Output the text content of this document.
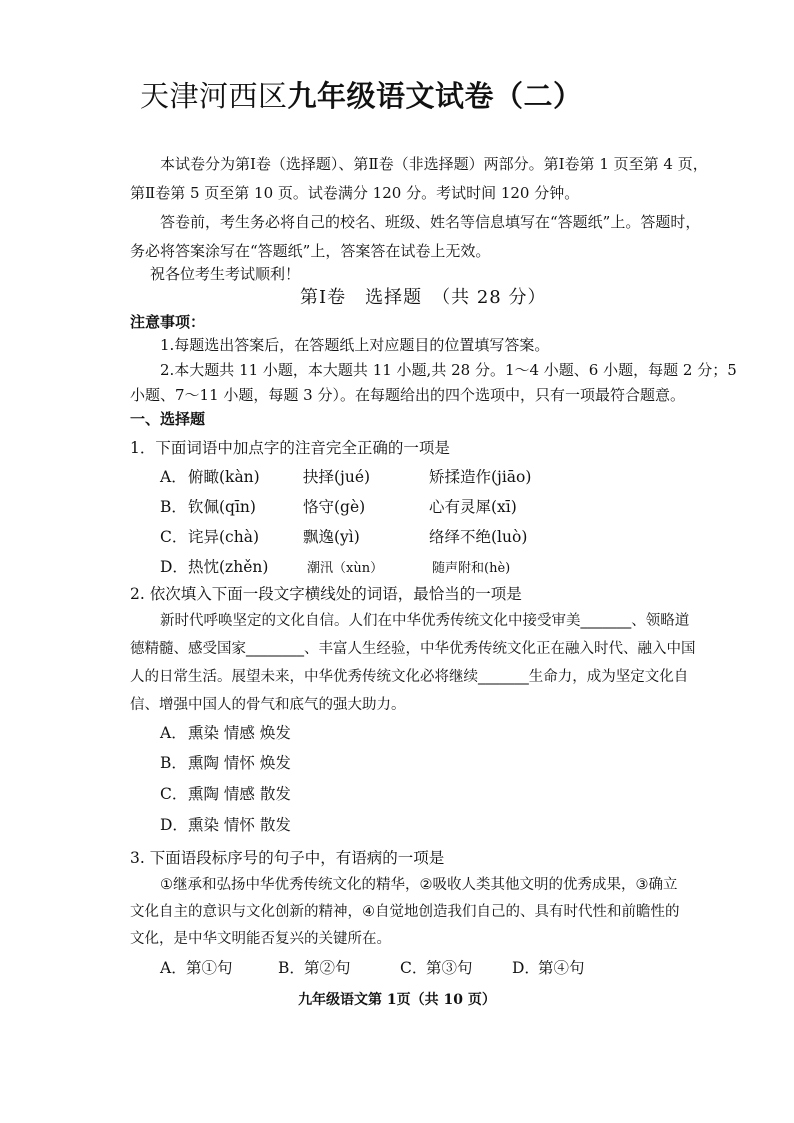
天津河西区九年级语文试卷（二）
本试卷分为第Ⅰ卷（选择题）、第Ⅱ卷（非选择题）两部分。第Ⅰ卷第 1 页至第 4 页，
第Ⅱ卷第 5 页至第 10 页。试卷满分 120 分。考试时间 120 分钟。
答卷前，考生务必将自己的校名、班级、姓名等信息填写在“答题纸”上。答题时，
务必将答案涂写在“答题纸”上，答案答在试卷上无效。
祝各位考生考试顺利！
第Ⅰ卷　选择题　（共 28 分）
注意事项：
1.每题选出答案后，在答题纸上对应题目的位置填写答案。
2.本大题共 11 小题，本大题共 11 小题,共 28 分。1～4 小题、6 小题，每题 2 分；5
小题、7～11 小题，每题 3 分）。在每题给出的四个选项中，只有一项最符合题意。
一、选择题
1．下面词语中加点字的注音完全正确的一项是
A． 俯瞰(kàn)	抉择(jué)	矫揉造作(jiāo)
B． 钦佩(qīn)	恪守(gè)	心有灵犀(xī)
C． 诧异(chà)	飘逸(yì)	络绎不绝(luò)
D． 热忱(zhěn)	潮汛（xùn）	随声附和(hè)
2. 依次填入下面一段文字横线处的词语，最恰当的一项是
新时代呼唤坚定的文化自信。人们在中华优秀传统文化中接受审美_______、领略道
德精髓、感受国家________、丰富人生经验，中华优秀传统文化正在融入时代、融入中国
人的日常生活。展望未来，中华优秀传统文化必将继续_______生命力，成为坚定文化自
信、增强中国人的骨气和底气的强大助力。
A． 熏染 情感 焕发
B． 熏陶 情怀 焕发
C． 熏陶 情感 散发
D． 熏染 情怀 散发
3. 下面语段标序号的句子中，有语病的一项是
①继承和弘扬中华优秀传统文化的精华，②吸收人类其他文明的优秀成果，③确立
文化自主的意识与文化创新的精神，④自觉地创造我们自己的、具有时代性和前瞻性的
文化，是中华文明能否复兴的关键所在。
A． 第①句	B． 第②句	C．
第③句	D．
第④句
九年级语文第 1页（共 10 页）
